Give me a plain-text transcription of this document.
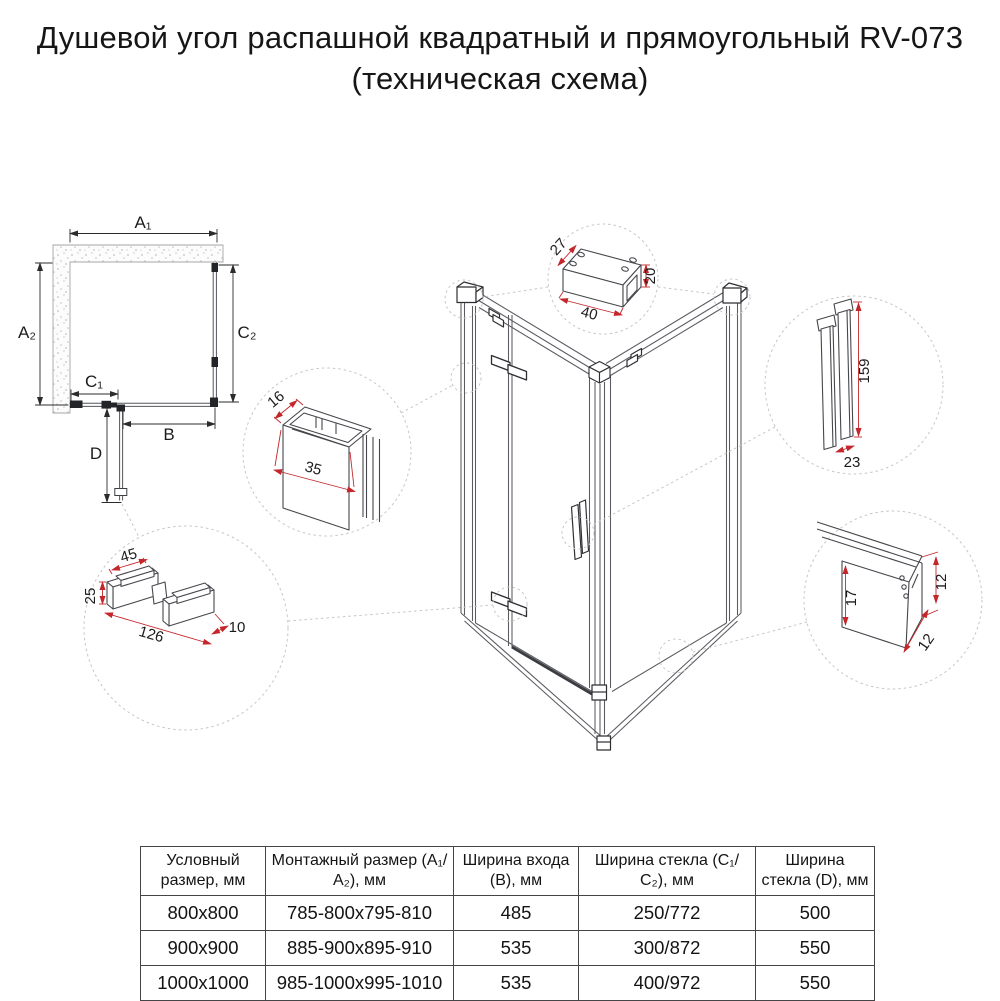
Душевой угол распашной квадратный и прямоугольный RV-073
(техническая схема)
A₁
A₂	C₂
C₁
B
D
45
25
126	10
16
35
27
40
20
159
23
17
12
12
Условный размер, мм	Монтажный размер (А₁/А₂), мм	Ширина входа (В), мм	Ширина стекла (С₁/С₂), мм	Ширина стекла (D), мм
800x800	785-800x795-810	485	250/772	500
900x900	885-900x895-910	535	300/872	550
1000x1000	985-1000x995-1010	535	400/972	550
